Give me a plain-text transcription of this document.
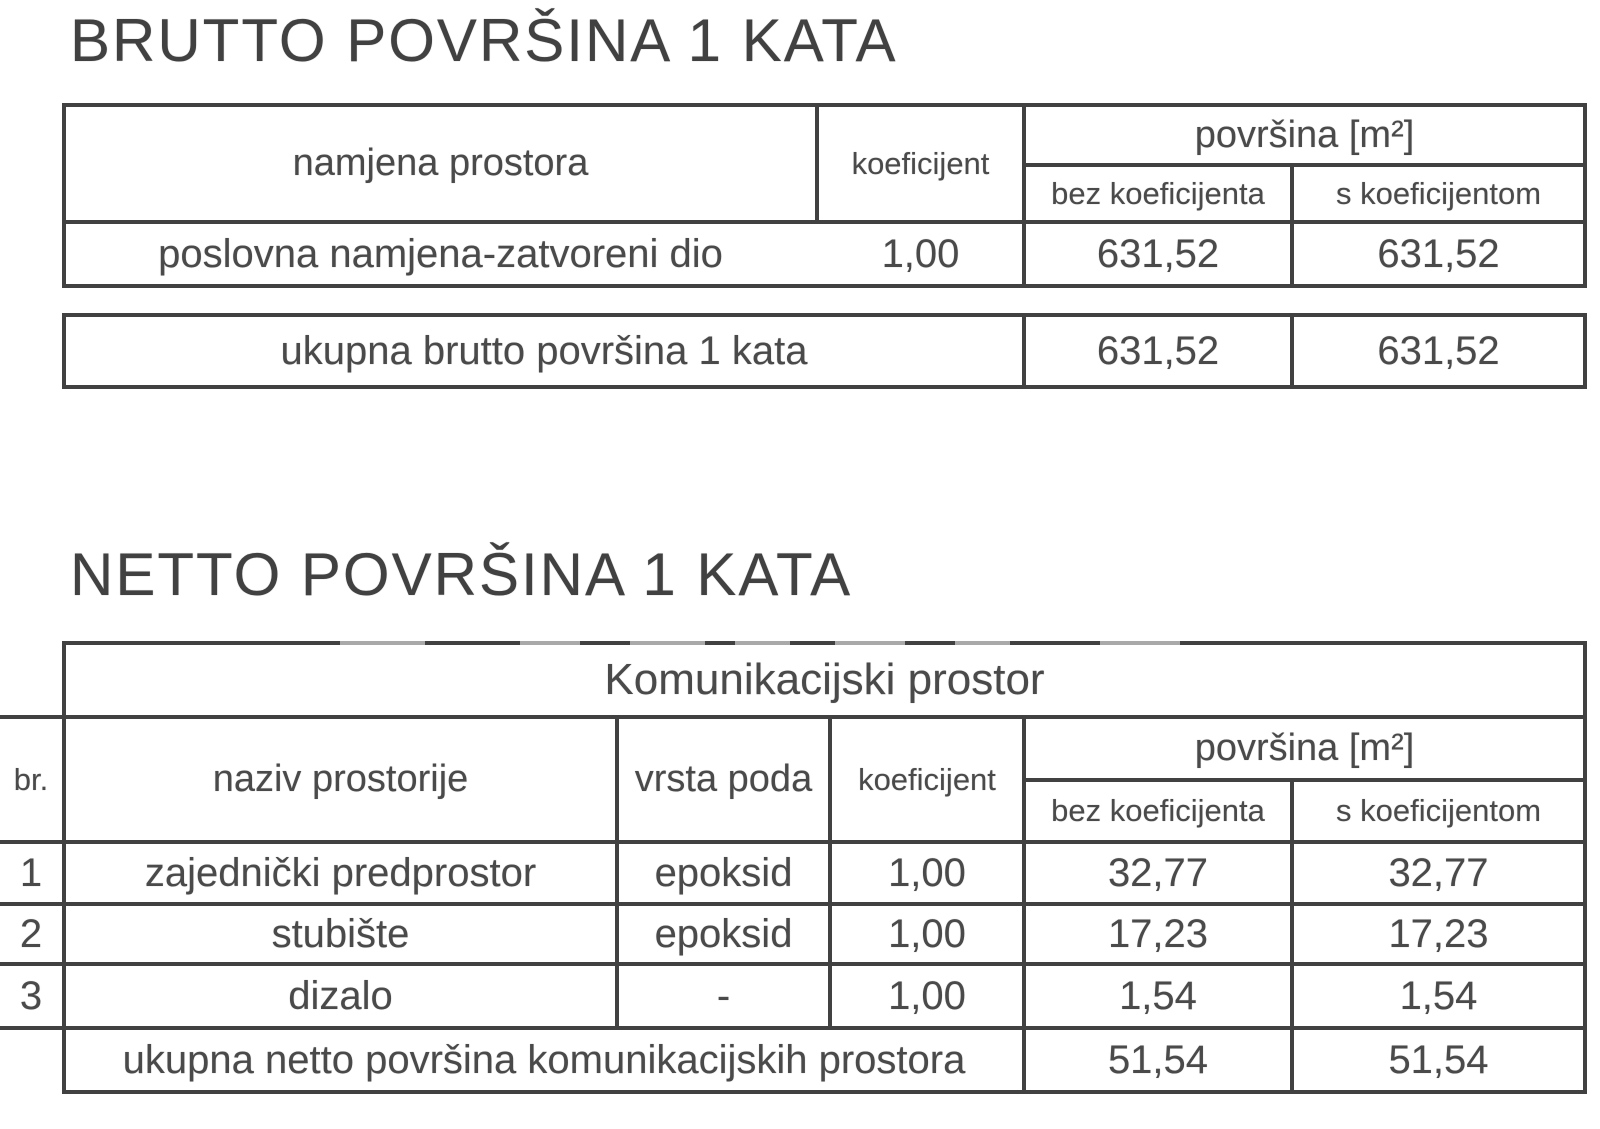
BRUTTO POVRŠINA 1 KATA
namjena prostora	koeficijent
površina [m²]
bez koeficijenta	s koeficijentom
poslovna namjena-zatvoreni dio	1,00	631,52	631,52
ukupna brutto površina 1 kata	631,52	631,52
NETTO POVRŠINA 1 KATA
Komunikacijski prostor
br.	naziv prostorije	vrsta poda	koeficijent
površina [m²]
bez koeficijenta	s koeficijentom
1	zajednički predprostor	epoksid	1,00	32,77	32,77
2	stubište	epoksid	1,00	17,23	17,23
3	dizalo	-	1,00	1,54	1,54
ukupna netto površina komunikacijskih prostora	51,54	51,54
